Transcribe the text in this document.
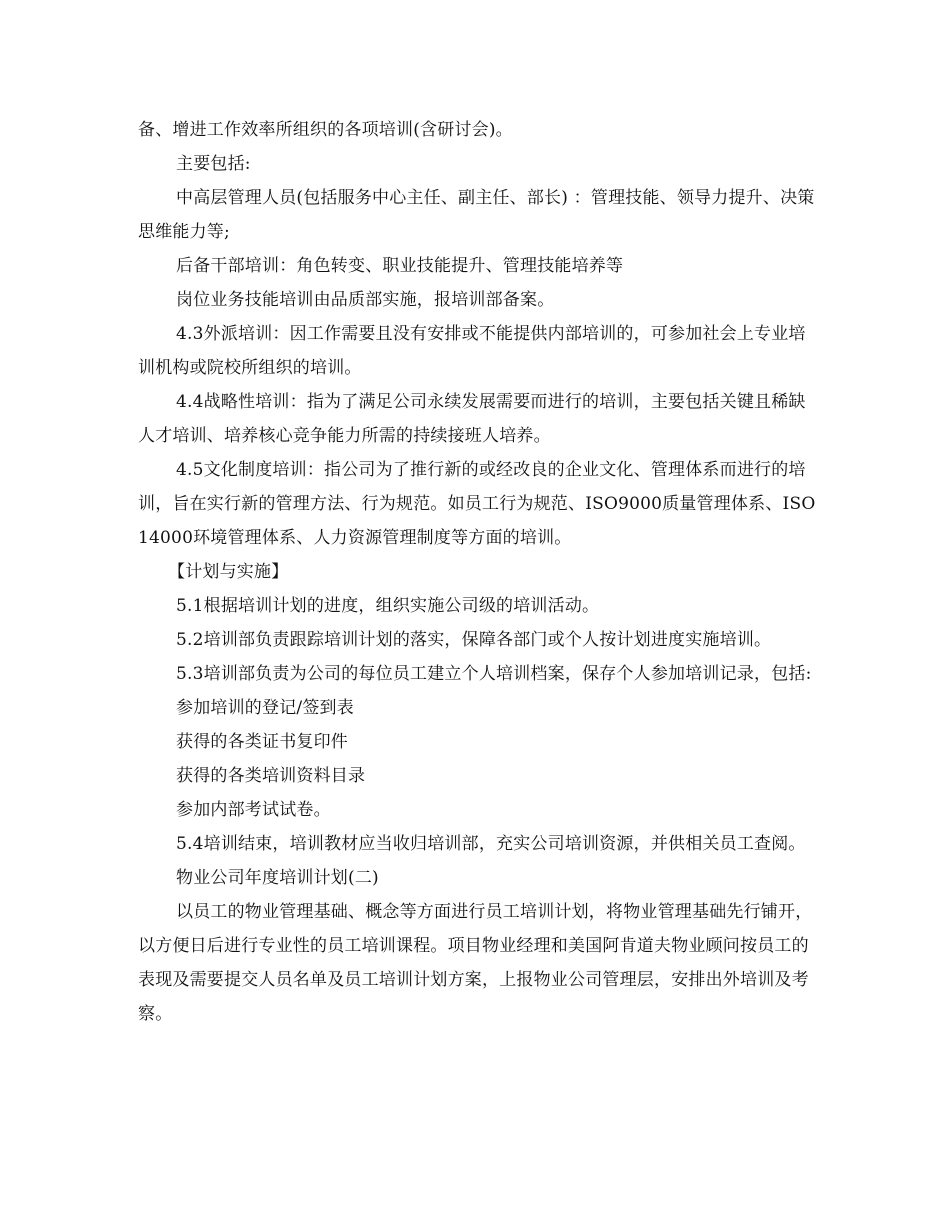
备、增进工作效率所组织的各项培训(含研讨会)。

主要包括:

中高层管理人员(包括服务中心主任、副主任、部长) ：管理技能、领导力提升、决策思维能力等;

后备干部培训：角色转变、职业技能提升、管理技能培养等

岗位业务技能培训由品质部实施，报培训部备案。

4.3外派培训：因工作需要且没有安排或不能提供内部培训的，可参加社会上专业培训机构或院校所组织的培训。

4.4战略性培训：指为了满足公司永续发展需要而进行的培训，主要包括关键且稀缺人才培训、培养核心竞争能力所需的持续接班人培养。

4.5文化制度培训：指公司为了推行新的或经改良的企业文化、管理体系而进行的培训，旨在实行新的管理方法、行为规范。如员工行为规范、ISO9000质量管理体系、ISO14000环境管理体系、人力资源管理制度等方面的培训。

【计划与实施】

5.1根据培训计划的进度，组织实施公司级的培训活动。

5.2培训部负责跟踪培训计划的落实，保障各部门或个人按计划进度实施培训。

5.3培训部负责为公司的每位员工建立个人培训档案，保存个人参加培训记录，包括:

参加培训的登记/签到表

获得的各类证书复印件

获得的各类培训资料目录

参加内部考试试卷。

5.4培训结束，培训教材应当收归培训部，充实公司培训资源，并供相关员工查阅。

物业公司年度培训计划(二)

以员工的物业管理基础、概念等方面进行员工培训计划，将物业管理基础先行铺开，以方便日后进行专业性的员工培训课程。项目物业经理和美国阿肯道夫物业顾问按员工的表现及需要提交人员名单及员工培训计划方案，上报物业公司管理层，安排出外培训及考察。
